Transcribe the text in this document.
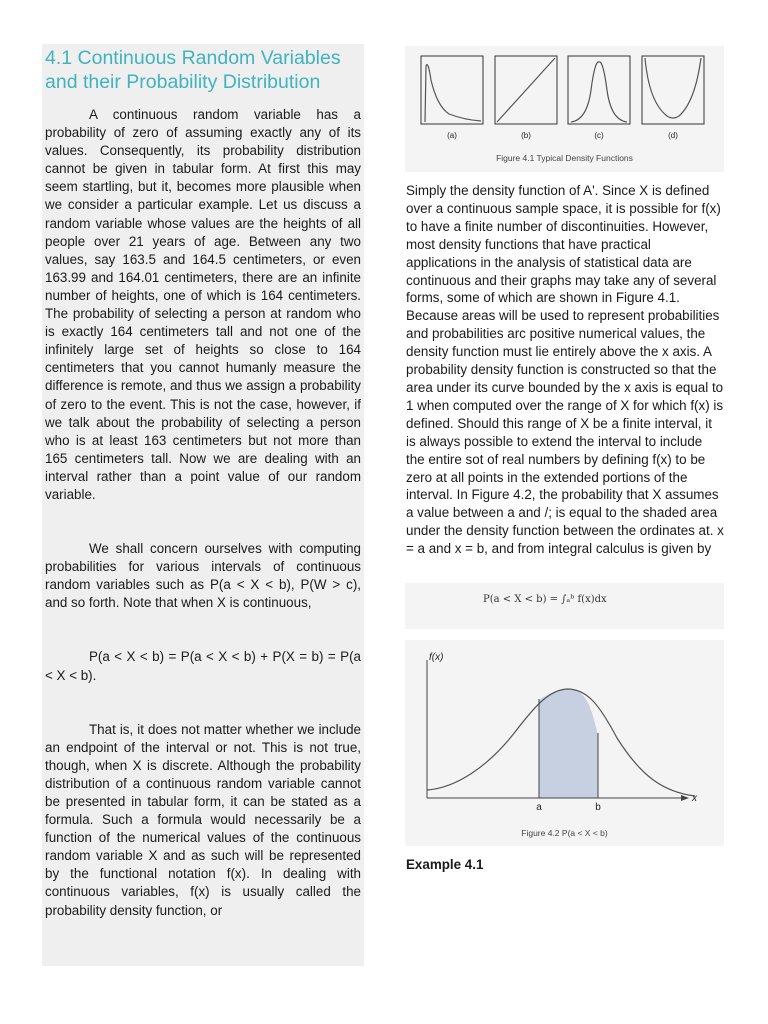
4.1 Continuous Random Variables and their Probability Distribution

A continuous random variable has a probability of zero of assuming exactly any of its values. Consequently, its probability distribution cannot be given in tabular form. At first this may seem startling, but it, becomes more plausible when we consider a particular example. Let us discuss a random variable whose values are the heights of all people over 21 years of age. Between any two values, say 163.5 and 164.5 centimeters, or even 163.99 and 164.01 centimeters, there are an infinite number of heights, one of which is 164 centimeters. The probability of selecting a person at random who is exactly 164 centimeters tall and not one of the infinitely large set of heights so close to 164 centimeters that you cannot humanly measure the difference is remote, and thus we assign a probability of zero to the event. This is not the case, however, if we talk about the probability of selecting a person who is at least 163 centimeters but not more than 165 centimeters tall. Now we are dealing with an interval rather than a point value of our random variable.

We shall concern ourselves with computing probabilities for various intervals of continuous random variables such as P(a < X < b), P(W > c), and so forth. Note that when X is continuous,

P(a < X < b) = P(a < X < b) + P(X = b) = P(a < X < b).

That is, it does not matter whether we include an endpoint of the interval or not. This is not true, though, when X is discrete. Although the probability distribution of a continuous random variable cannot be presented in tabular form, it can be stated as a formula. Such a formula would necessarily be a function of the numerical values of the continuous random variable X and as such will be represented by the functional notation f(x). In dealing with continuous variables, f(x) is usually called the probability density function, or

(a)	(b)	(c)	(d)
Figure 4.1 Typical Density Functions

Simply the density function of A'. Since X is defined over a continuous sample space, it is possible for f(x) to have a finite number of discontinuities. However, most density functions that have practical applications in the analysis of statistical data are continuous and their graphs may take any of several forms, some of which are shown in Figure 4.1. Because areas will be used to represent probabilities and probabilities arc positive numerical values, the density function must lie entirely above the x axis. A probability density function is constructed so that the area under its curve bounded by the x axis is equal to 1 when computed over the range of X for which f(x) is defined. Should this range of X be a finite interval, it is always possible to extend the interval to include the entire sot of real numbers by defining f(x) to be zero at all points in the extended portions of the interval. In Figure 4.2, the probability that X assumes a value between a and /; is equal to the shaded area under the density function between the ordinates at. x = a and x = b, and from integral calculus is given by

P(a < X < b) = ∫ₐᵇ f(x)dx
f(x)
x
a	b
Figure 4.2 P(a < X < b)
Example 4.1
